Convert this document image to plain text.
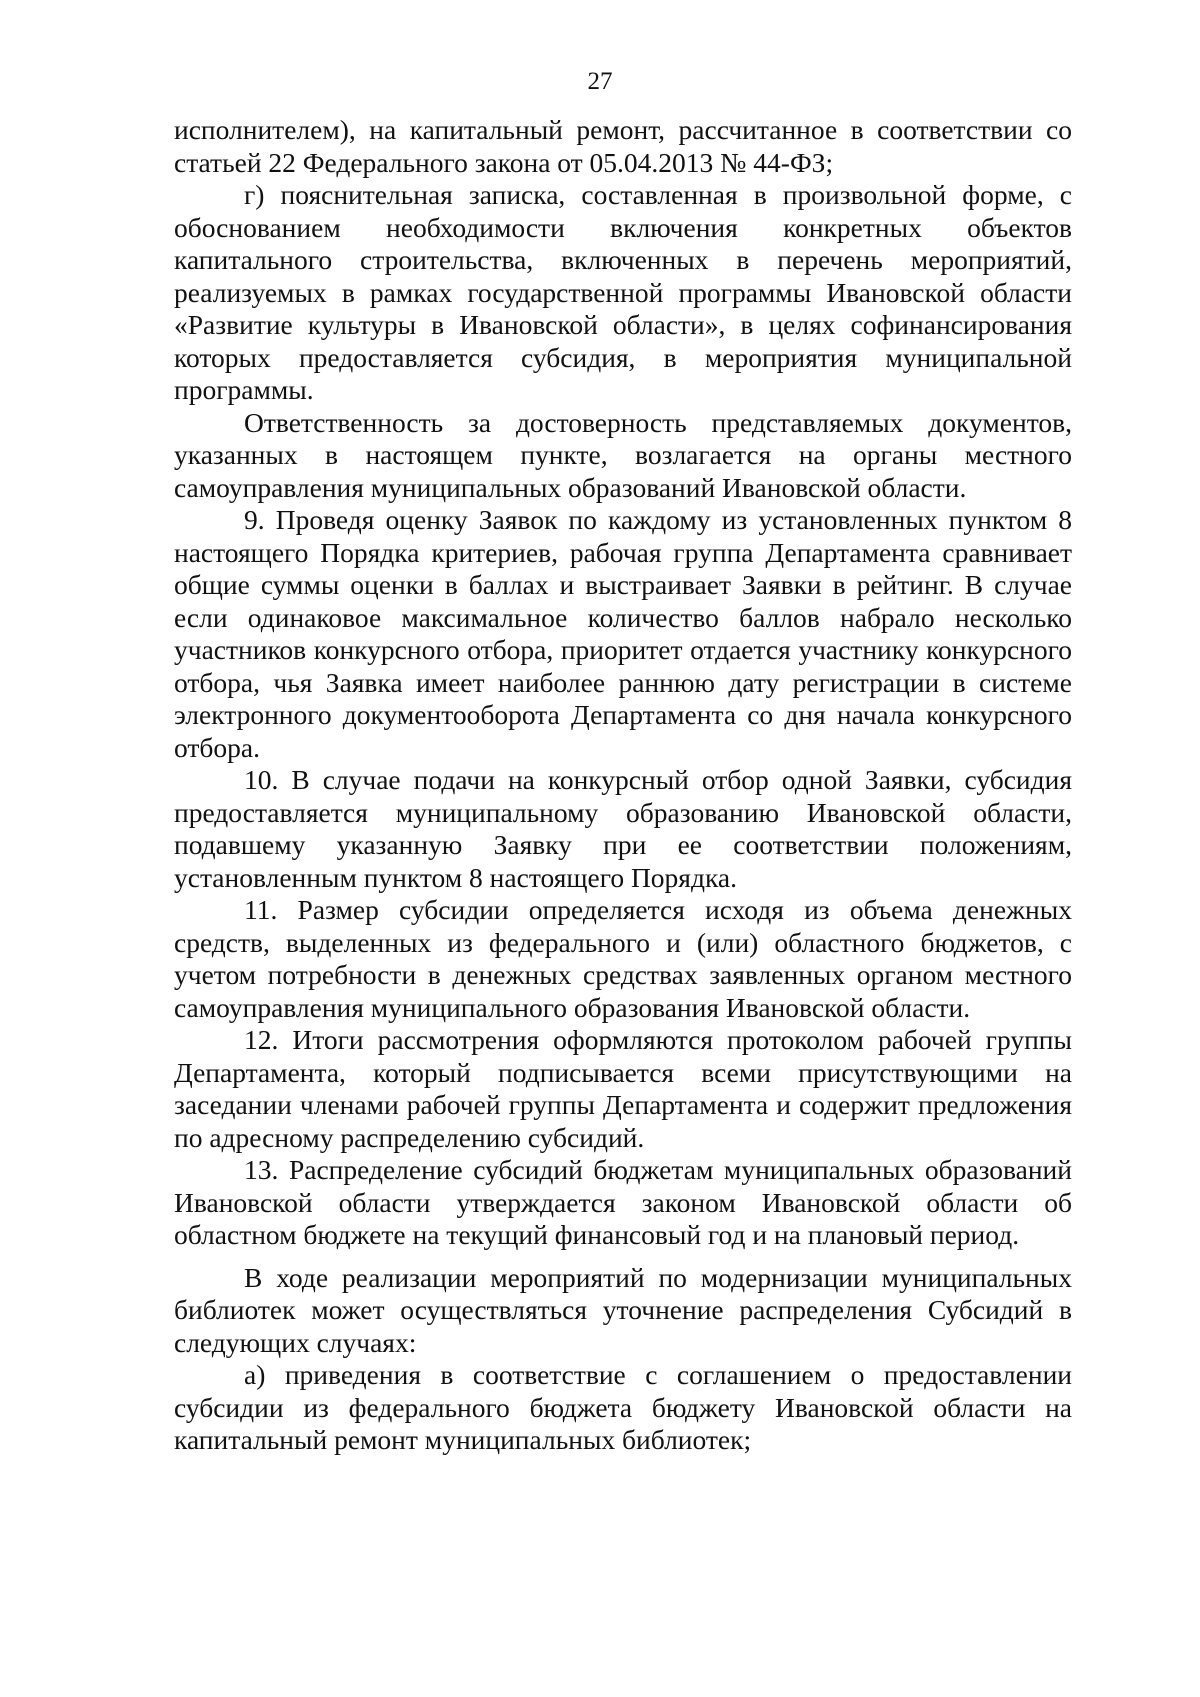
27

исполнителем), на капитальный ремонт, рассчитанное в соответствии со статьей 22 Федерального закона от 05.04.2013 № 44-ФЗ;

г) пояснительная записка, составленная в произвольной форме, с обоснованием необходимости включения конкретных объектов капитального строительства, включенных в перечень мероприятий, реализуемых в рамках государственной программы Ивановской области «Развитие культуры в Ивановской области», в целях софинансирования которых предоставляется субсидия, в мероприятия муниципальной программы.

Ответственность за достоверность представляемых документов, указанных в настоящем пункте, возлагается на органы местного самоуправления муниципальных образований Ивановской области.

9. Проведя оценку Заявок по каждому из установленных пунктом 8 настоящего Порядка критериев, рабочая группа Департамента сравнивает общие суммы оценки в баллах и выстраивает Заявки в рейтинг. В случае если одинаковое максимальное количество баллов набрало несколько участников конкурсного отбора, приоритет отдается участнику конкурсного отбора, чья Заявка имеет наиболее раннюю дату регистрации в системе электронного документооборота Департамента со дня начала конкурсного отбора.

10. В случае подачи на конкурсный отбор одной Заявки, субсидия предоставляется муниципальному образованию Ивановской области, подавшему указанную Заявку при ее соответствии положениям, установленным пунктом 8 настоящего Порядка.

11. Размер субсидии определяется исходя из объема денежных средств, выделенных из федерального и (или) областного бюджетов, с учетом потребности в денежных средствах заявленных органом местного самоуправления муниципального образования Ивановской области.

12. Итоги рассмотрения оформляются протоколом рабочей группы Департамента, который подписывается всеми присутствующими на заседании членами рабочей группы Департамента и содержит предложения по адресному распределению субсидий.

13. Распределение субсидий бюджетам муниципальных образований Ивановской области утверждается законом Ивановской области об областном бюджете на текущий финансовый год и на плановый период.

В ходе реализации мероприятий по модернизации муниципальных библиотек может осуществляться уточнение распределения Субсидий в следующих случаях:

а) приведения в соответствие с соглашением о предоставлении субсидии из федерального бюджета бюджету Ивановской области на капитальный ремонт муниципальных библиотек;
